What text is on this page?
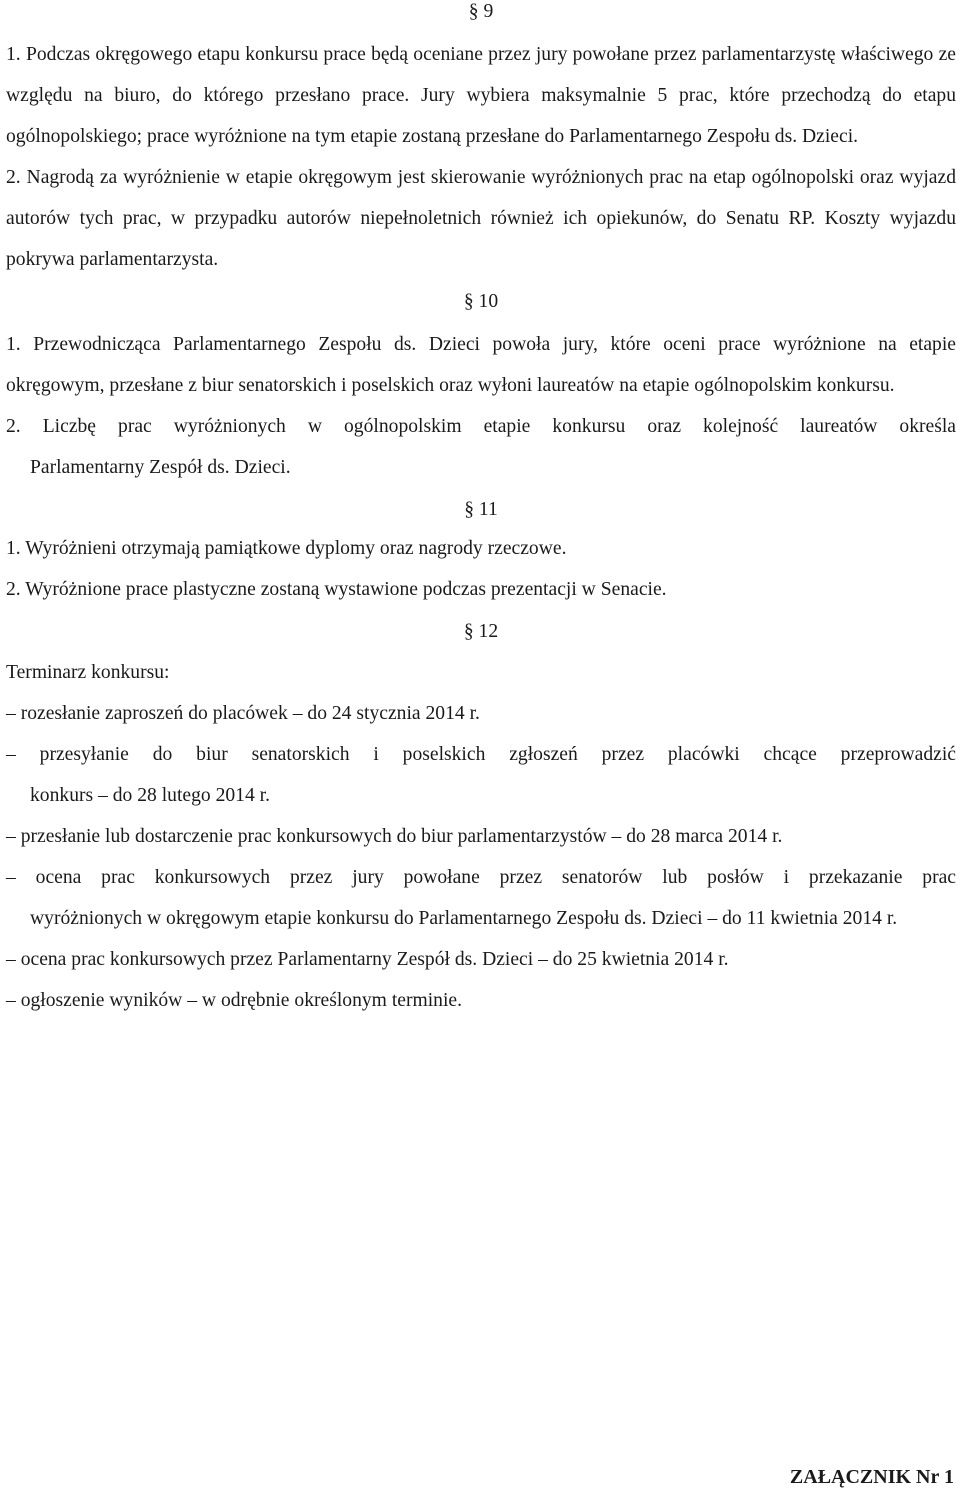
§ 9

1. Podczas okręgowego etapu konkursu prace będą oceniane przez jury powołane przez parlamentarzystę właściwego ze względu na biuro, do którego przesłano prace. Jury wybiera maksymalnie 5 prac, które przechodzą do etapu ogólnopolskiego; prace wyróżnione na tym etapie zostaną przesłane do Parlamentarnego Zespołu ds. Dzieci.

2. Nagrodą za wyróżnienie w etapie okręgowym jest skierowanie wyróżnionych prac na etap ogólnopolski oraz wyjazd autorów tych prac, w przypadku autorów niepełnoletnich również ich opiekunów, do Senatu RP. Koszty wyjazdu pokrywa parlamentarzysta.

§ 10

1. Przewodnicząca Parlamentarnego Zespołu ds. Dzieci powoła jury, które oceni prace wyróżnione na etapie okręgowym, przesłane z biur senatorskich i poselskich oraz wyłoni laureatów na etapie ogólnopolskim konkursu.

2. Liczbę prac wyróżnionych w ogólnopolskim etapie konkursu oraz kolejność laureatów określa

Parlamentarny Zespół ds. Dzieci.

§ 11

1. Wyróżnieni otrzymają pamiątkowe dyplomy oraz nagrody rzeczowe.

2. Wyróżnione prace plastyczne zostaną wystawione podczas prezentacji w Senacie.

§ 12

Terminarz konkursu:

– rozesłanie zaproszeń do placówek – do 24 stycznia 2014 r.
– przesyłanie do biur senatorskich i poselskich zgłoszeń przez placówki chcące przeprowadzić
konkurs – do 28 lutego 2014 r.
– przesłanie lub dostarczenie prac konkursowych do biur parlamentarzystów – do 28 marca 2014 r.
– ocena prac konkursowych przez jury powołane przez senatorów lub posłów i przekazanie prac
wyróżnionych w okręgowym etapie konkursu do Parlamentarnego Zespołu ds. Dzieci – do 11 kwietnia 2014 r.
– ocena prac konkursowych przez Parlamentarny Zespół ds. Dzieci – do 25 kwietnia 2014 r.
– ogłoszenie wyników – w odrębnie określonym terminie.
ZAŁĄCZNIK Nr 1
